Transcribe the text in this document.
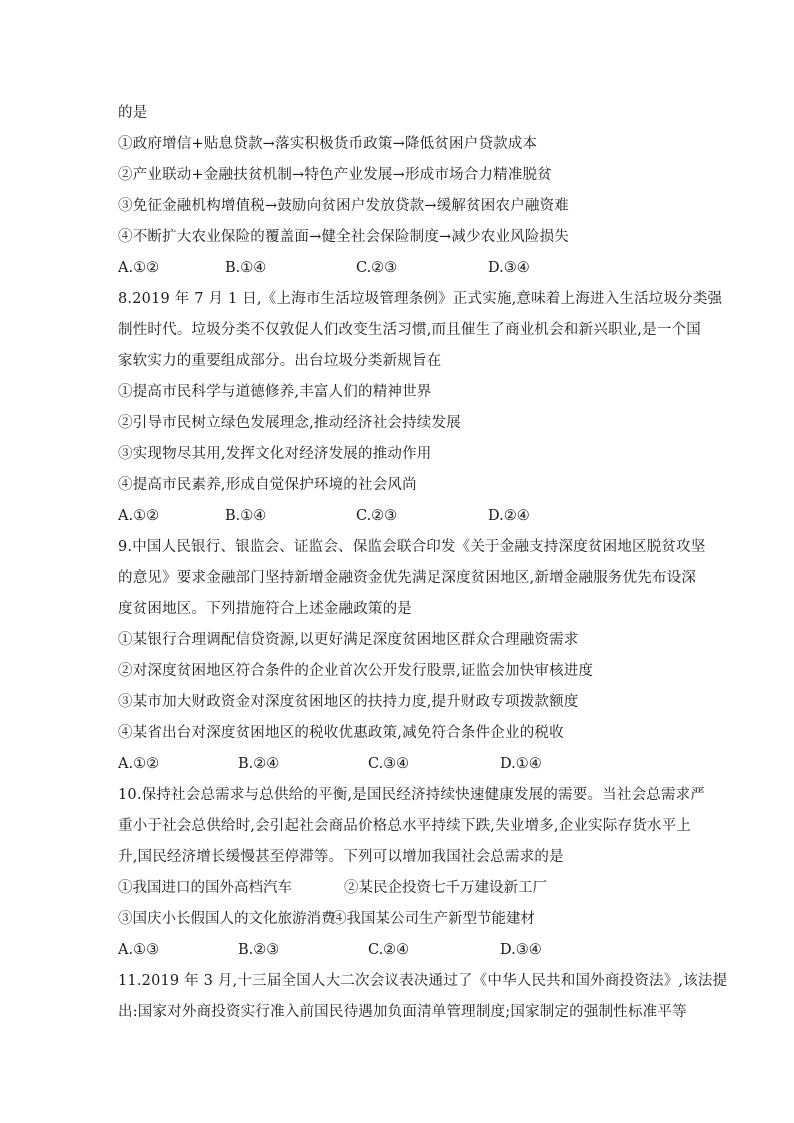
的是
①政府增信+贴息贷款→落实积极货币政策→降低贫困户贷款成本
②产业联动+金融扶贫机制→特色产业发展→形成市场合力精准脱贫
③免征金融机构增值税→鼓励向贫困户发放贷款→缓解贫困农户融资难
④不断扩大农业保险的覆盖面→健全社会保险制度→减少农业风险损失
A.①②	B.①④	C.②③	D.③④
8.2019 年 7 月 1 日,《上海市生活垃圾管理条例》正式实施,意味着上海进入生活垃圾分类强
制性时代。垃圾分类不仅敦促人们改变生活习惯,而且催生了商业机会和新兴职业,是一个国
家软实力的重要组成部分。出台垃圾分类新规旨在
①提高市民科学与道德修养,丰富人们的精神世界
②引导市民树立绿色发展理念,推动经济社会持续发展
③实现物尽其用,发挥文化对经济发展的推动作用
④提高市民素养,形成自觉保护环境的社会风尚
A.①②	B.①④	C.②③	D.②④
9.中国人民银行、银监会、证监会、保监会联合印发《关于金融支持深度贫困地区脱贫攻坚
的意见》要求金融部门坚持新增金融资金优先满足深度贫困地区,新增金融服务优先布设深
度贫困地区。下列措施符合上述金融政策的是
①某银行合理调配信贷资源,以更好满足深度贫困地区群众合理融资需求
②对深度贫困地区符合条件的企业首次公开发行股票,证监会加快审核进度
③某市加大财政资金对深度贫困地区的扶持力度,提升财政专项拨款额度
④某省出台对深度贫困地区的税收优惠政策,减免符合条件企业的税收
A.①②	B.②④	C.③④	D.①④
10.保持社会总需求与总供给的平衡,是国民经济持续快速健康发展的需要。当社会总需求严
重小于社会总供给时,会引起社会商品价格总水平持续下跌,失业增多,企业实际存货水平上
升,国民经济增长缓慢甚至停滞等。下列可以增加我国社会总需求的是
①我国进口的国外高档汽车	②某民企投资七千万建设新工厂
③国庆小长假国人的文化旅游消费
④我国某公司生产新型节能建材
A.①③	B.②③	C.②④	D.③④
11.2019 年 3 月,十三届全国人大二次会议表决通过了《中华人民共和国外商投资法》,该法提
出:国家对外商投资实行准入前国民待遇加负面清单管理制度;国家制定的强制性标准平等
